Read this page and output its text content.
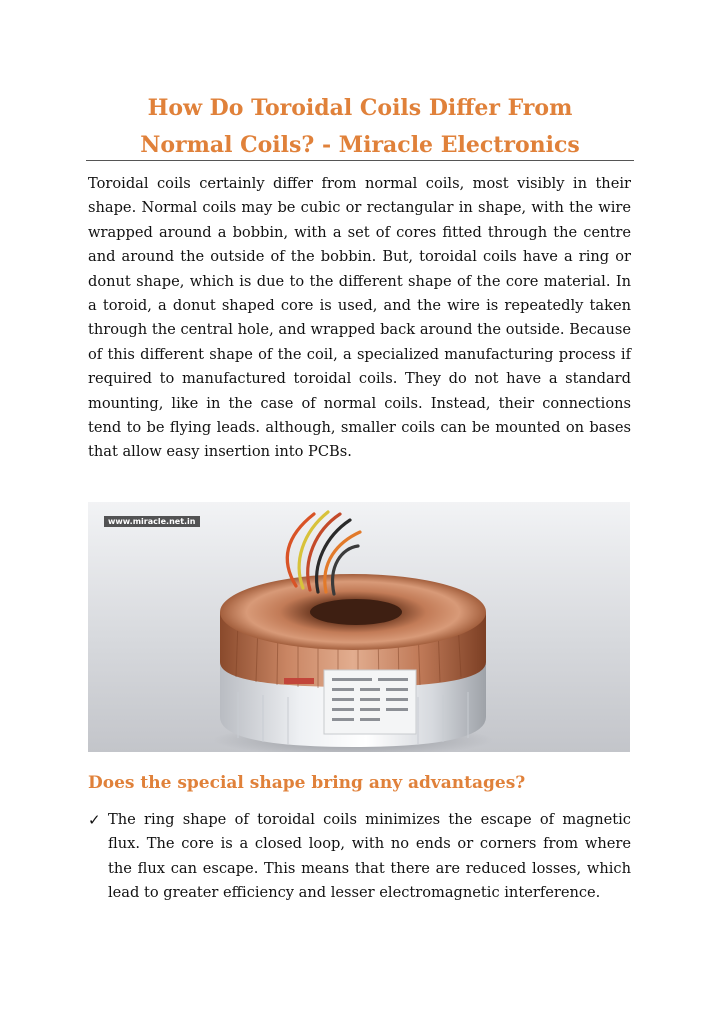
How Do Toroidal Coils Differ From
Normal Coils? - Miracle Electronics

Toroidal coils certainly differ from normal coils, most visibly in their shape. Normal coils may be cubic or rectangular in shape, with the wire wrapped around a bobbin, with a set of cores fitted through the centre and around the outside of the bobbin. But, toroidal coils have a ring or donut shape, which is due to the different shape of the core material. In a toroid, a donut shaped core is used, and the wire is repeatedly taken through the central hole, and wrapped back around the outside. Because of this different shape of the coil, a specialized manufacturing process if required to manufactured toroidal coils. They do not have a standard mounting, like in the case of normal coils. Instead, their connections tend to be flying leads. although, smaller coils can be mounted on bases that allow easy insertion into PCBs.

www.miracle.net.in
Does the special shape bring any advantages?
✓ The ring shape of toroidal coils minimizes the escape of magnetic flux. The core is a closed loop, with no ends or corners from where the flux can escape. This means that there are reduced losses, which lead to greater efficiency and lesser electromagnetic interference.
